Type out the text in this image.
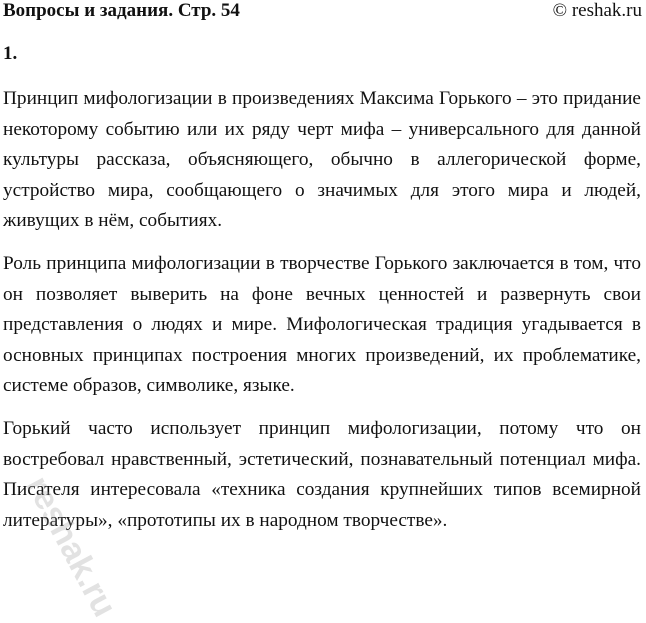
Вопросы и задания. Стр. 54	© reshak.ru
1.

Принцип мифологизации в произведениях Максима Горького – это придание некоторому событию или их ряду черт мифа – универсального для данной культуры рассказа, объясняющего, обычно в аллегорической форме, устройство мира, сообщающего о значимых для этого мира и людей, живущих в нём, событиях.

Роль принципа мифологизации в творчестве Горького заключается в том, что он позволяет выверить на фоне вечных ценностей и развернуть свои представления о людях и мире. Мифологическая традиция угадывается в основных принципах построения многих произведений, их проблематике, системе образов, символике, языке.

Горький часто использует принцип мифологизации, потому что он востребовал нравственный, эстетический, познавательный потенциал мифа. Писателя интересовала «техника создания крупнейших типов всемирной литературы», «прототипы их в народном творчестве».

reshak.ru
